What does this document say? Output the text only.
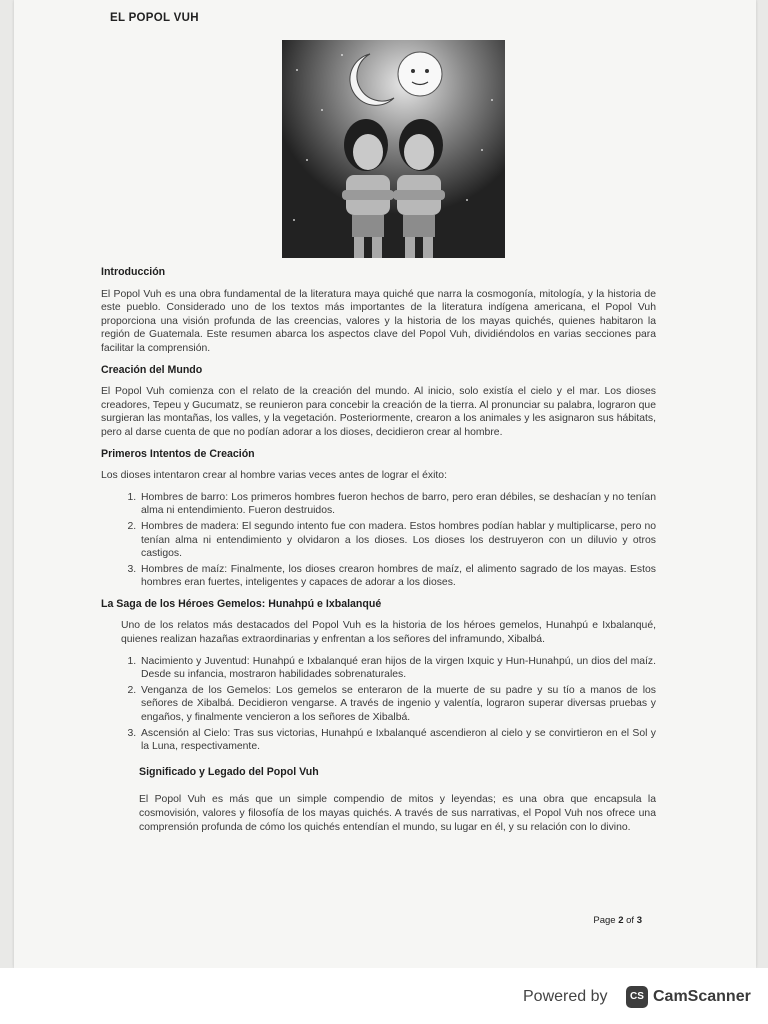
EL POPOL VUH
Page 2 of 3
Introducción

El Popol Vuh es una obra fundamental de la literatura maya quiché que narra la cosmogonía, mitología, y la historia de este pueblo. Considerado uno de los textos más importantes de la literatura indígena americana, el Popol Vuh proporciona una visión profunda de las creencias, valores y la historia de los mayas quichés, quienes habitaron la región de Guatemala. Este resumen abarca los aspectos clave del Popol Vuh, dividiéndolos en varias secciones para facilitar la comprensión.

Creación del Mundo

El Popol Vuh comienza con el relato de la creación del mundo. Al inicio, solo existía el cielo y el mar. Los dioses creadores, Tepeu y Gucumatz, se reunieron para concebir la creación de la tierra. Al pronunciar su palabra, lograron que surgieran las montañas, los valles, y la vegetación. Posteriormente, crearon a los animales y les asignaron sus hábitats, pero al darse cuenta de que no podían adorar a los dioses, decidieron crear al hombre.

Primeros Intentos de Creación

Los dioses intentaron crear al hombre varias veces antes de lograr el éxito:

1. Hombres de barro: Los primeros hombres fueron hechos de barro, pero eran débiles, se deshacían y no tenían alma ni entendimiento. Fueron destruidos.
2. Hombres de madera: El segundo intento fue con madera. Estos hombres podían hablar y multiplicarse, pero no tenían alma ni entendimiento y olvidaron a los dioses. Los dioses los destruyeron con un diluvio y otros castigos.
3. Hombres de maíz: Finalmente, los dioses crearon hombres de maíz, el alimento sagrado de los mayas. Estos hombres eran fuertes, inteligentes y capaces de adorar a los dioses.
La Saga de los Héroes Gemelos: Hunahpú e Ixbalanqué

Uno de los relatos más destacados del Popol Vuh es la historia de los héroes gemelos, Hunahpú e Ixbalanqué, quienes realizan hazañas extraordinarias y enfrentan a los señores del inframundo, Xibalbá.

1. Nacimiento y Juventud: Hunahpú e Ixbalanqué eran hijos de la virgen Ixquic y Hun-Hunahpú, un dios del maíz. Desde su infancia, mostraron habilidades sobrenaturales.
2. Venganza de los Gemelos: Los gemelos se enteraron de la muerte de su padre y su tío a manos de los señores de Xibalbá. Decidieron vengarse. A través de ingenio y valentía, lograron superar diversas pruebas y engaños, y finalmente vencieron a los señores de Xibalbá.
3. Ascensión al Cielo: Tras sus victorias, Hunahpú e Ixbalanqué ascendieron al cielo y se convirtieron en el Sol y la Luna, respectivamente.
Significado y Legado del Popol Vuh

El Popol Vuh es más que un simple compendio de mitos y leyendas; es una obra que encapsula la cosmovisión, valores y filosofía de los mayas quichés. A través de sus narrativas, el Popol Vuh nos ofrece una comprensión profunda de cómo los quichés entendían el mundo, su lugar en él, y su relación con lo divino.

Powered by	CS CamScanner
